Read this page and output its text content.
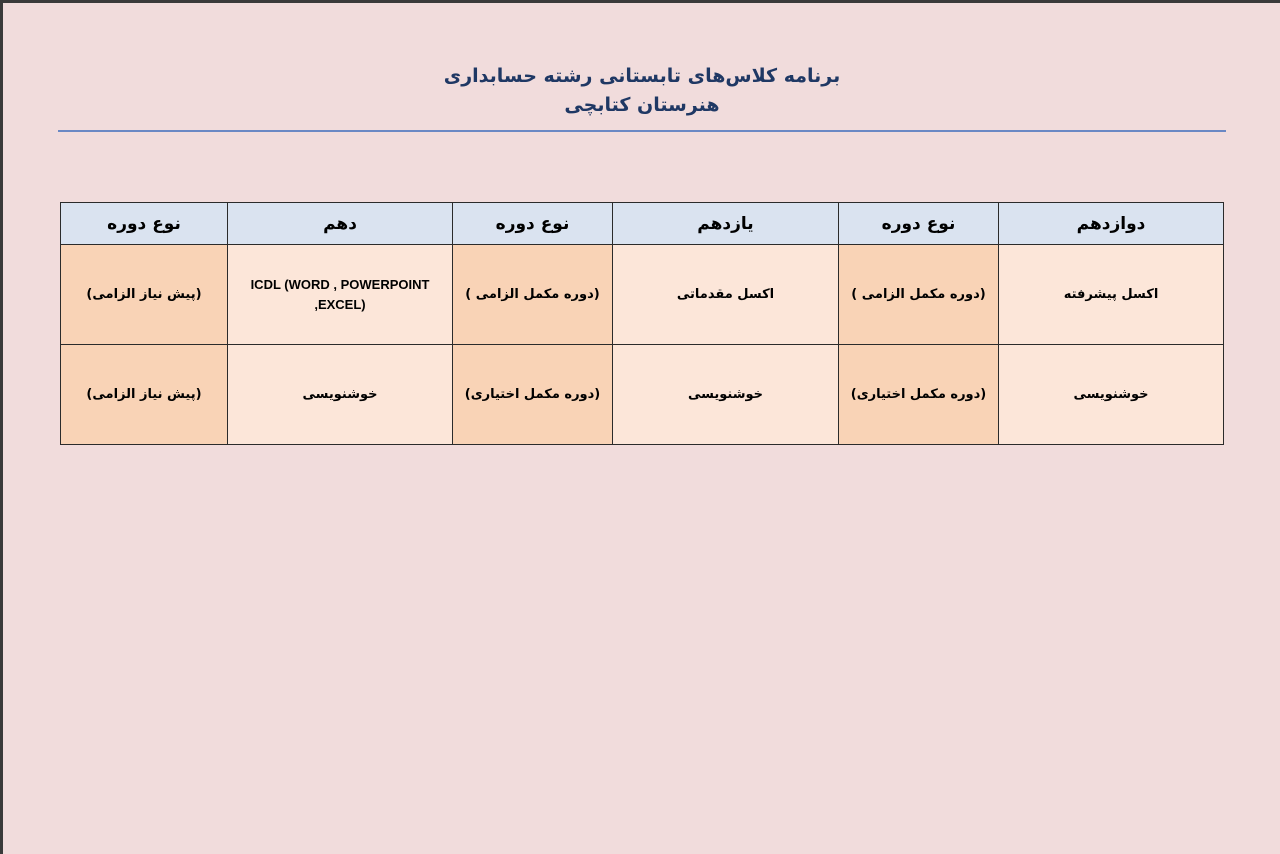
برنامه کلاس‌های تابستانی رشته حسابداری

هنرستان کتابچی

دوازدهم	نوع دوره	یازدهم	نوع دوره	دهم	نوع دوره
اکسل پیشرفته	(دوره مکمل الزامی )	اکسل مقدماتی	(دوره مکمل الزامی )	ICDL (WORD , POWERPOINT ,EXCEL)	(پیش نیاز الزامی)
خوشنویسی	(دوره مکمل اختیاری)	خوشنویسی	(دوره مکمل اختیاری)	خوشنویسی	(پیش نیاز الزامی)
